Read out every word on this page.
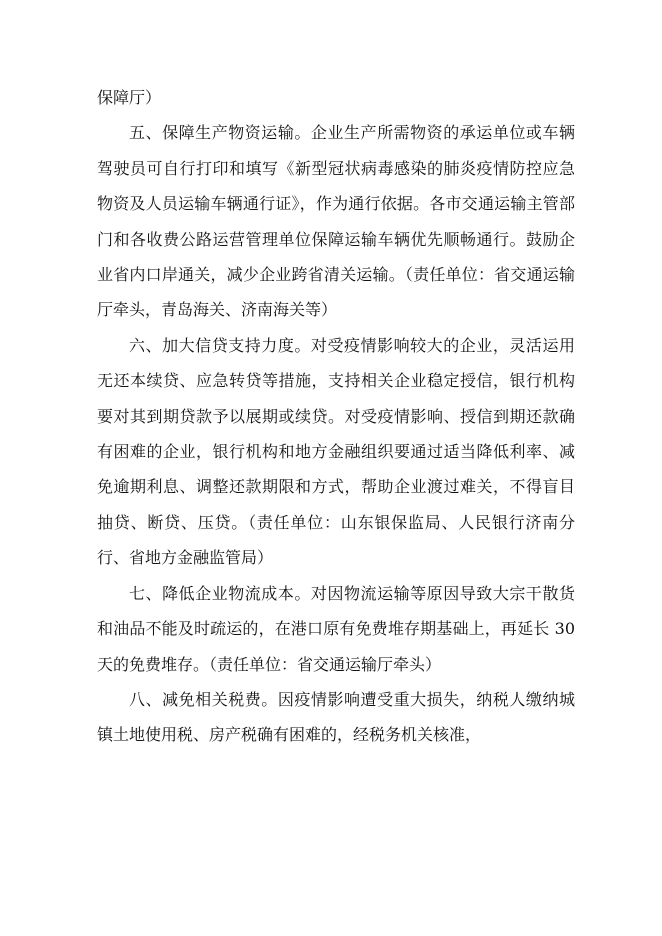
保障厅）

五、保障生产物资运输。企业生产所需物资的承运单位或车辆驾驶员可自行打印和填写《新型冠状病毒感染的肺炎疫情防控应急物资及人员运输车辆通行证》，作为通行依据。各市交通运输主管部门和各收费公路运营管理单位保障运输车辆优先顺畅通行。鼓励企业省内口岸通关，减少企业跨省清关运输。（责任单位：省交通运输厅牵头，青岛海关、济南海关等）

六、加大信贷支持力度。对受疫情影响较大的企业，灵活运用无还本续贷、应急转贷等措施，支持相关企业稳定授信，银行机构要对其到期贷款予以展期或续贷。对受疫情影响、授信到期还款确有困难的企业，银行机构和地方金融组织要通过适当降低利率、减免逾期利息、调整还款期限和方式，帮助企业渡过难关，不得盲目抽贷、断贷、压贷。（责任单位：山东银保监局、人民银行济南分行、省地方金融监管局）

七、降低企业物流成本。对因物流运输等原因导致大宗干散货和油品不能及时疏运的，在港口原有免费堆存期基础上，再延长 30 天的免费堆存。（责任单位：省交通运输厅牵头）

八、减免相关税费。因疫情影响遭受重大损失，纳税人缴纳城镇土地使用税、房产税确有困难的，经税务机关核准，
